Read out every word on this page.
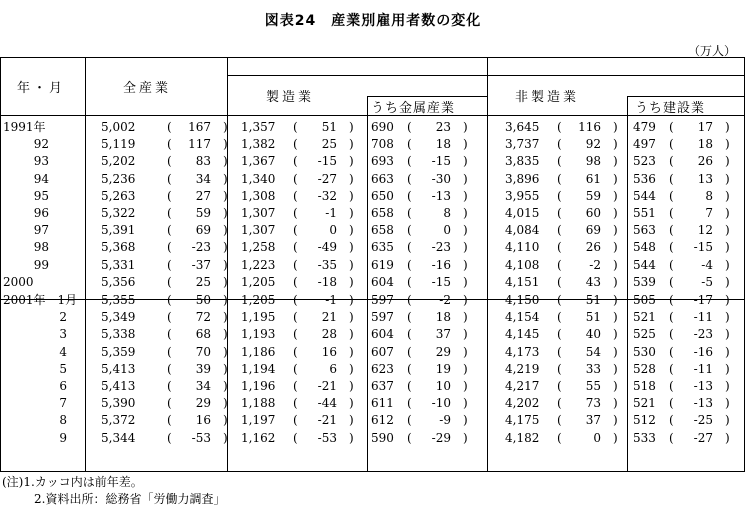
図表24　産業別雇用者数の変化
（万人）
年・月	全産業
製造業
うち金属産業
非製造業
うち建設業
1991年	5,002	(	167 ) 1,357 (	51 ) 690 (	23 )	3,645 (	116 ) 479 (	17 )
92	5,119	(	117 ) 1,382 (	25 ) 708 (	18 )	3,737 (	92 ) 497 (	18 )
93	5,202	(	83 ) 1,367 (	-15 ) 693 (	-15 )	3,835 (	98 ) 523 (	26 )
94	5,236	(	34 ) 1,340 (	-27 ) 663 (	-30 )	3,896 (	61 ) 536 (	13 )
95	5,263	(	27 ) 1,308 (	-32 ) 650 (	-13 )	3,955 (	59 ) 544 (	8 )
96	5,322	(	59 ) 1,307 (	-1 ) 658 (	8 )	4,015 (	60 ) 551 (	7 )
97	5,391	(	69 ) 1,307 (	0 ) 658 (	0 )	4,084 (	69 ) 563 (	12 )
98	5,368	(	-23 ) 1,258 (	-49 ) 635 (	-23 )	4,110 (	26 ) 548 (	-15 )
99	5,331	(	-37 ) 1,223 (	-35 ) 619 (	-16 )	4,108 (	-2 ) 544 (	-4 )
2000	5,356	(	25 ) 1,205 (	-18 ) 604 (	-15 )	4,151 (	43 ) 539 (	-5 )
2001年　1月 5,355	(	50 ) 1,205 (	-1 ) 597 (	-2 )	4,150 (	51 ) 505 (	-17 )
2	5,349	(	72 ) 1,195 (	21 ) 597 (	18 )	4,154 (	51 ) 521 (	-11 )
3	5,338	(	68 ) 1,193 (	28 ) 604 (	37 )	4,145 (	40 ) 525 (	-23 )
4	5,359	(	70 ) 1,186 (	16 ) 607 (	29 )	4,173 (	54 ) 530 (	-16 )
5	5,413	(	39 ) 1,194 (	6 ) 623 (	19 )	4,219 (	33 ) 528 (	-11 )
6	5,413	(	34 ) 1,196 (	-21 ) 637 (	10 )	4,217 (	55 ) 518 (	-13 )
7	5,390	(	29 ) 1,188 (	-44 ) 611 (	-10 )	4,202 (	73 ) 521 (	-13 )
8	5,372	(	16 ) 1,197 (	-21 ) 612 (	-9 )	4,175 (	37 ) 512 (	-25 )
9	5,344	(	-53 ) 1,162 (	-53 ) 590 (	-29 )	4,182 (	0 ) 533 (	-27 )
(注)1.カッコ内は前年差。
2.資料出所：総務省「労働力調査」
